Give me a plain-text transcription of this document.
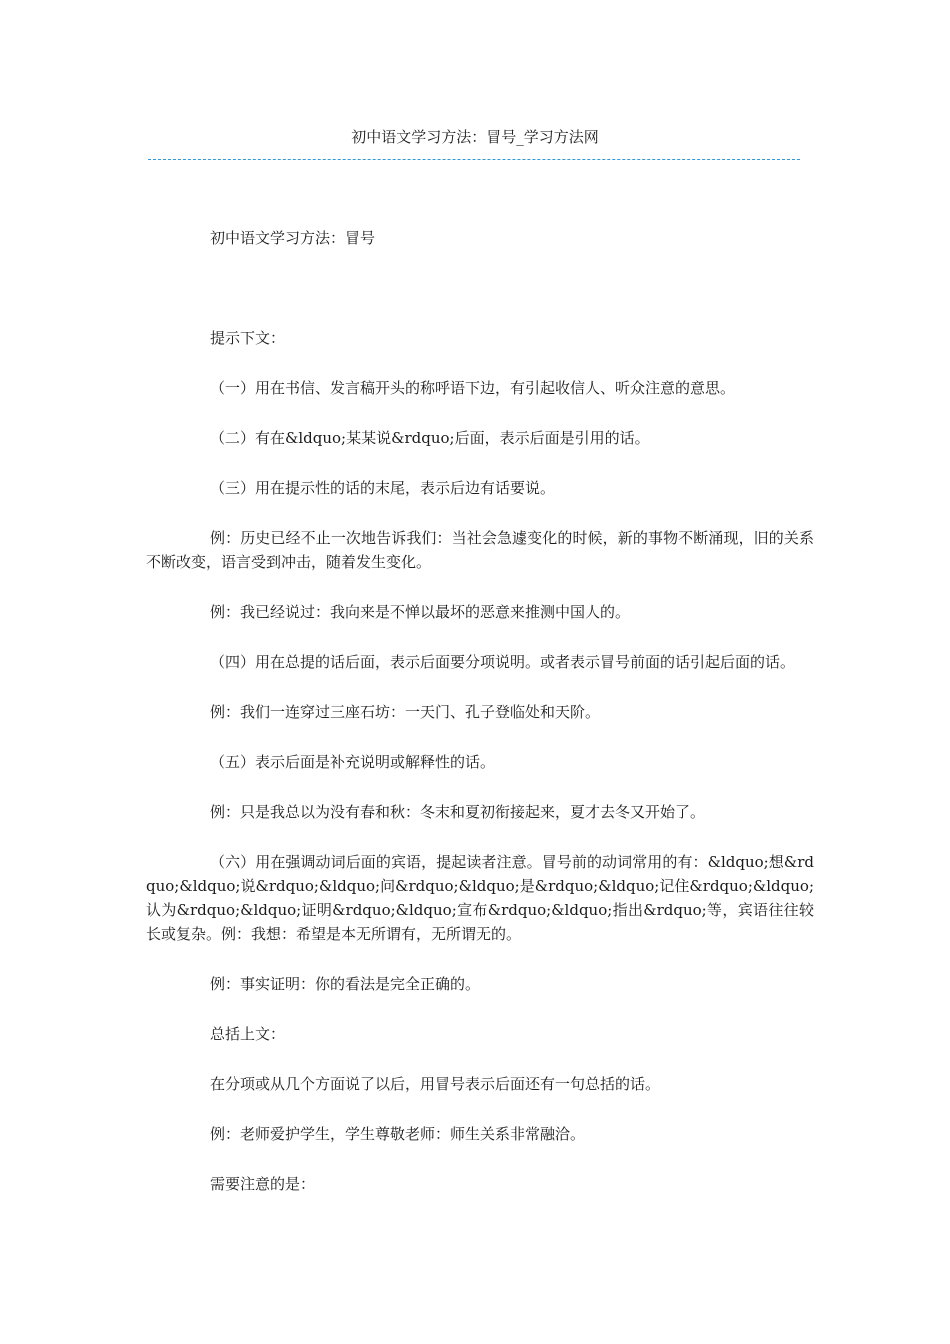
初中语文学习方法：冒号_学习方法网

初中语文学习方法：冒号

提示下文：

（一）用在书信、发言稿开头的称呼语下边，有引起收信人、听众注意的意思。

（二）有在&ldquo;某某说&rdquo;后面，表示后面是引用的话。

（三）用在提示性的话的末尾，表示后边有话要说。

例：历史已经不止一次地告诉我们：当社会急遽变化的时候，新的事物不断涌现，旧的关系不断改变，语言受到冲击，随着发生变化。

例：我已经说过：我向来是不惮以最坏的恶意来推测中国人的。

（四）用在总提的话后面，表示后面要分项说明。或者表示冒号前面的话引起后面的话。

例：我们一连穿过三座石坊：一天门、孔子登临处和天阶。

（五）表示后面是补充说明或解释性的话。

例：只是我总以为没有春和秋：冬末和夏初衔接起来，夏才去冬又开始了。

（六）用在强调动词后面的宾语，提起读者注意。冒号前的动词常用的有：&ldquo;想&rdquo;&ldquo;说&rdquo;&ldquo;问&rdquo;&ldquo;是&rdquo;&ldquo;记住&rdquo;&ldquo;认为&rdquo;&ldquo;证明&rdquo;&ldquo;宣布&rdquo;&ldquo;指出&rdquo;等，宾语往往较长或复杂。例：我想：希望是本无所谓有，无所谓无的。

例：事实证明：你的看法是完全正确的。

总括上文：

在分项或从几个方面说了以后，用冒号表示后面还有一句总括的话。

例：老师爱护学生，学生尊敬老师：师生关系非常融洽。

需要注意的是：
